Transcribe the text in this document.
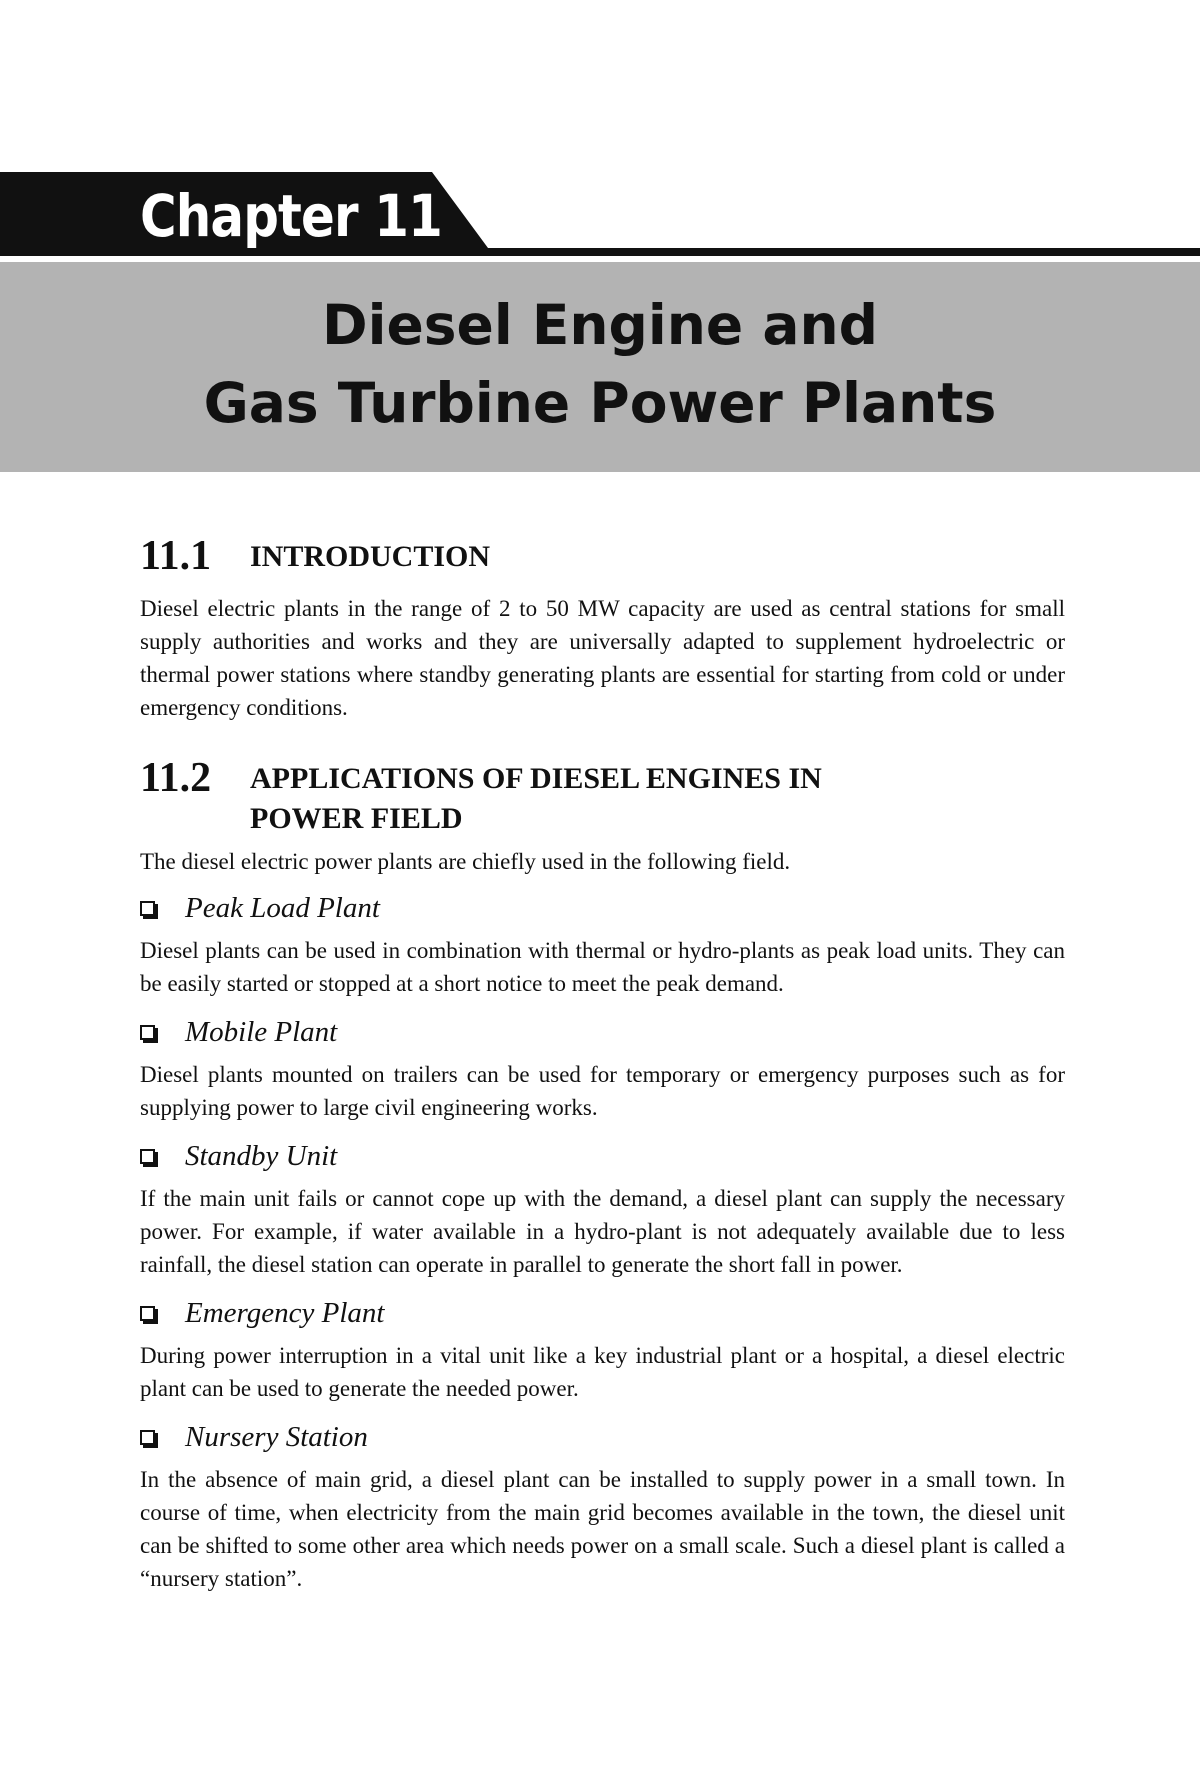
Chapter 11
Diesel Engine and
Gas Turbine Power Plants
11.1	INTRODUCTION

Diesel electric plants in the range of 2 to 50 MW capacity are used as central stations for small supply authorities and works and they are universally adapted to supplement hydroelectric or thermal power stations where standby generating plants are essential for starting from cold or under emergency conditions.

11.2	APPLICATIONS OF DIESEL ENGINES IN
POWER FIELD

The diesel electric power plants are chiefly used in the following field.

Peak Load Plant

Diesel plants can be used in combination with thermal or hydro-plants as peak load units. They can be easily started or stopped at a short notice to meet the peak demand.

Mobile Plant

Diesel plants mounted on trailers can be used for temporary or emergency purposes such as for supplying power to large civil engineering works.

Standby Unit

If the main unit fails or cannot cope up with the demand, a diesel plant can supply the necessary power. For example, if water available in a hydro-plant is not adequately available due to less rainfall, the diesel station can operate in parallel to generate the short fall in power.

Emergency Plant

During power interruption in a vital unit like a key industrial plant or a hospital, a diesel electric plant can be used to generate the needed power.

Nursery Station

In the absence of main grid, a diesel plant can be installed to supply power in a small town. In course of time, when electricity from the main grid becomes available in the town, the diesel unit can be shifted to some other area which needs power on a small scale. Such a diesel plant is called a “nursery station”.
